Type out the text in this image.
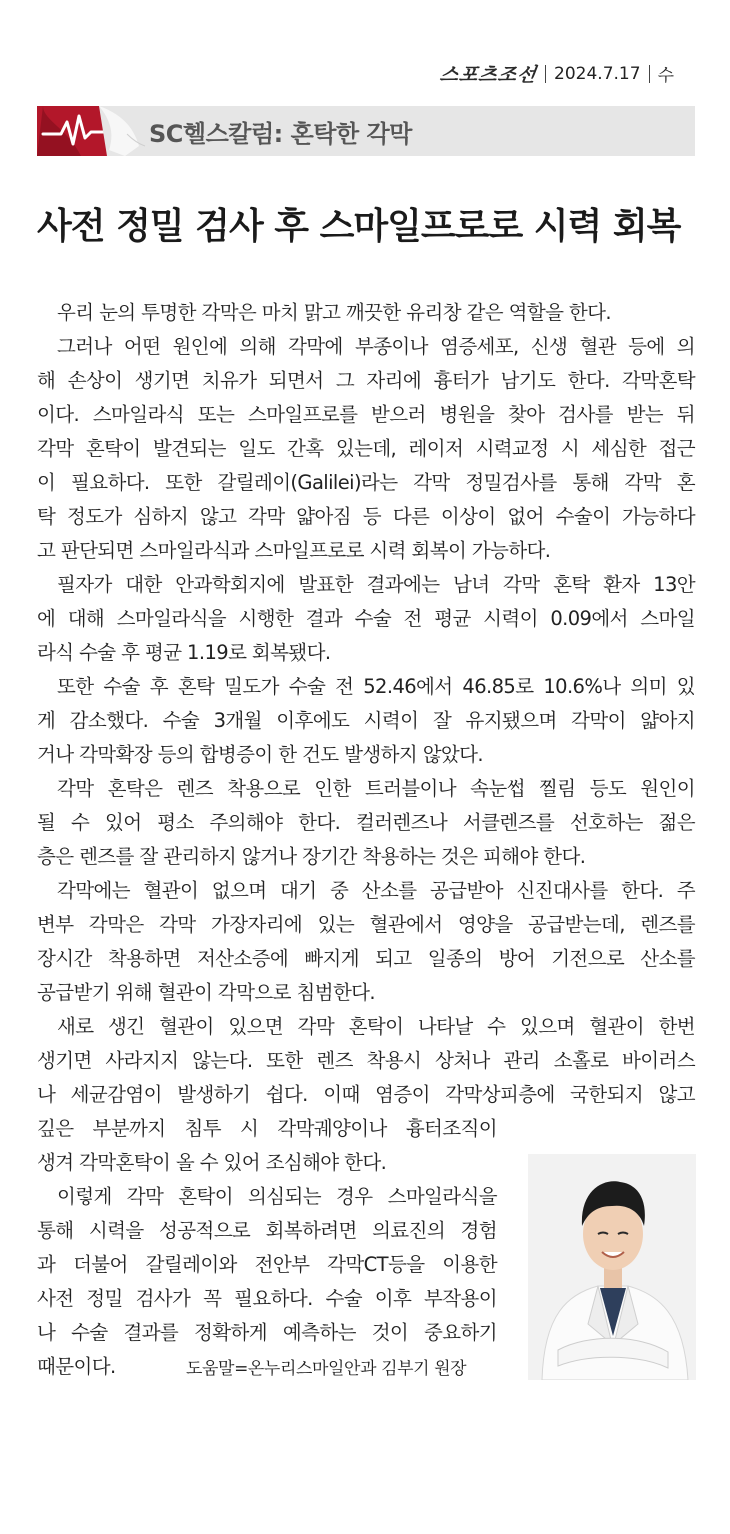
스포츠조선 2024.7.17 수
SC헬스칼럼: 혼탁한 각막
사전 정밀 검사 후 스마일프로로 시력 회복

우리 눈의 투명한 각막은 마치 맑고 깨끗한 유리창 같은 역할을 한다.

그러나 어떤 원인에 의해 각막에 부종이나 염증세포, 신생 혈관 등에 의

해 손상이 생기면 치유가 되면서 그 자리에 흉터가 남기도 한다. 각막혼탁

이다. 스마일라식 또는 스마일프로를 받으러 병원을 찾아 검사를 받는 뒤

각막 혼탁이 발견되는 일도 간혹 있는데, 레이저 시력교정 시 세심한 접근

이 필요하다. 또한 갈릴레이(Galilei)라는 각막 정밀검사를 통해 각막 혼

탁 정도가 심하지 않고 각막 얇아짐 등 다른 이상이 없어 수술이 가능하다

고 판단되면 스마일라식과 스마일프로로 시력 회복이 가능하다.

필자가 대한 안과학회지에 발표한 결과에는 남녀 각막 혼탁 환자 13안

에 대해 스마일라식을 시행한 결과 수술 전 평균 시력이 0.09에서 스마일

라식 수술 후 평균 1.19로 회복됐다.

또한 수술 후 혼탁 밀도가 수술 전 52.46에서 46.85로 10.6%나 의미 있

게 감소했다. 수술 3개월 이후에도 시력이 잘 유지됐으며 각막이 얇아지

거나 각막확장 등의 합병증이 한 건도 발생하지 않았다.

각막 혼탁은 렌즈 착용으로 인한 트러블이나 속눈썹 찔림 등도 원인이

될 수 있어 평소 주의해야 한다. 컬러렌즈나 서클렌즈를 선호하는 젊은

층은 렌즈를 잘 관리하지 않거나 장기간 착용하는 것은 피해야 한다.

각막에는 혈관이 없으며 대기 중 산소를 공급받아 신진대사를 한다. 주

변부 각막은 각막 가장자리에 있는 혈관에서 영양을 공급받는데, 렌즈를

장시간 착용하면 저산소증에 빠지게 되고 일종의 방어 기전으로 산소를

공급받기 위해 혈관이 각막으로 침범한다.

새로 생긴 혈관이 있으면 각막 혼탁이 나타날 수 있으며 혈관이 한번

생기면 사라지지 않는다. 또한 렌즈 착용시 상처나 관리 소홀로 바이러스

나 세균감염이 발생하기 쉽다. 이때 염증이 각막상피층에 국한되지 않고

깊은 부분까지 침투 시 각막궤양이나 흉터조직이

생겨 각막혼탁이 올 수 있어 조심해야 한다.

이렇게 각막 혼탁이 의심되는 경우 스마일라식을

통해 시력을 성공적으로 회복하려면 의료진의 경험

과 더불어 갈릴레이와 전안부 각막CT등을 이용한

사전 정밀 검사가 꼭 필요하다. 수술 이후 부작용이

나 수술 결과를 정확하게 예측하는 것이 중요하기

때문이다.	도움말=온누리스마일안과 김부기 원장
